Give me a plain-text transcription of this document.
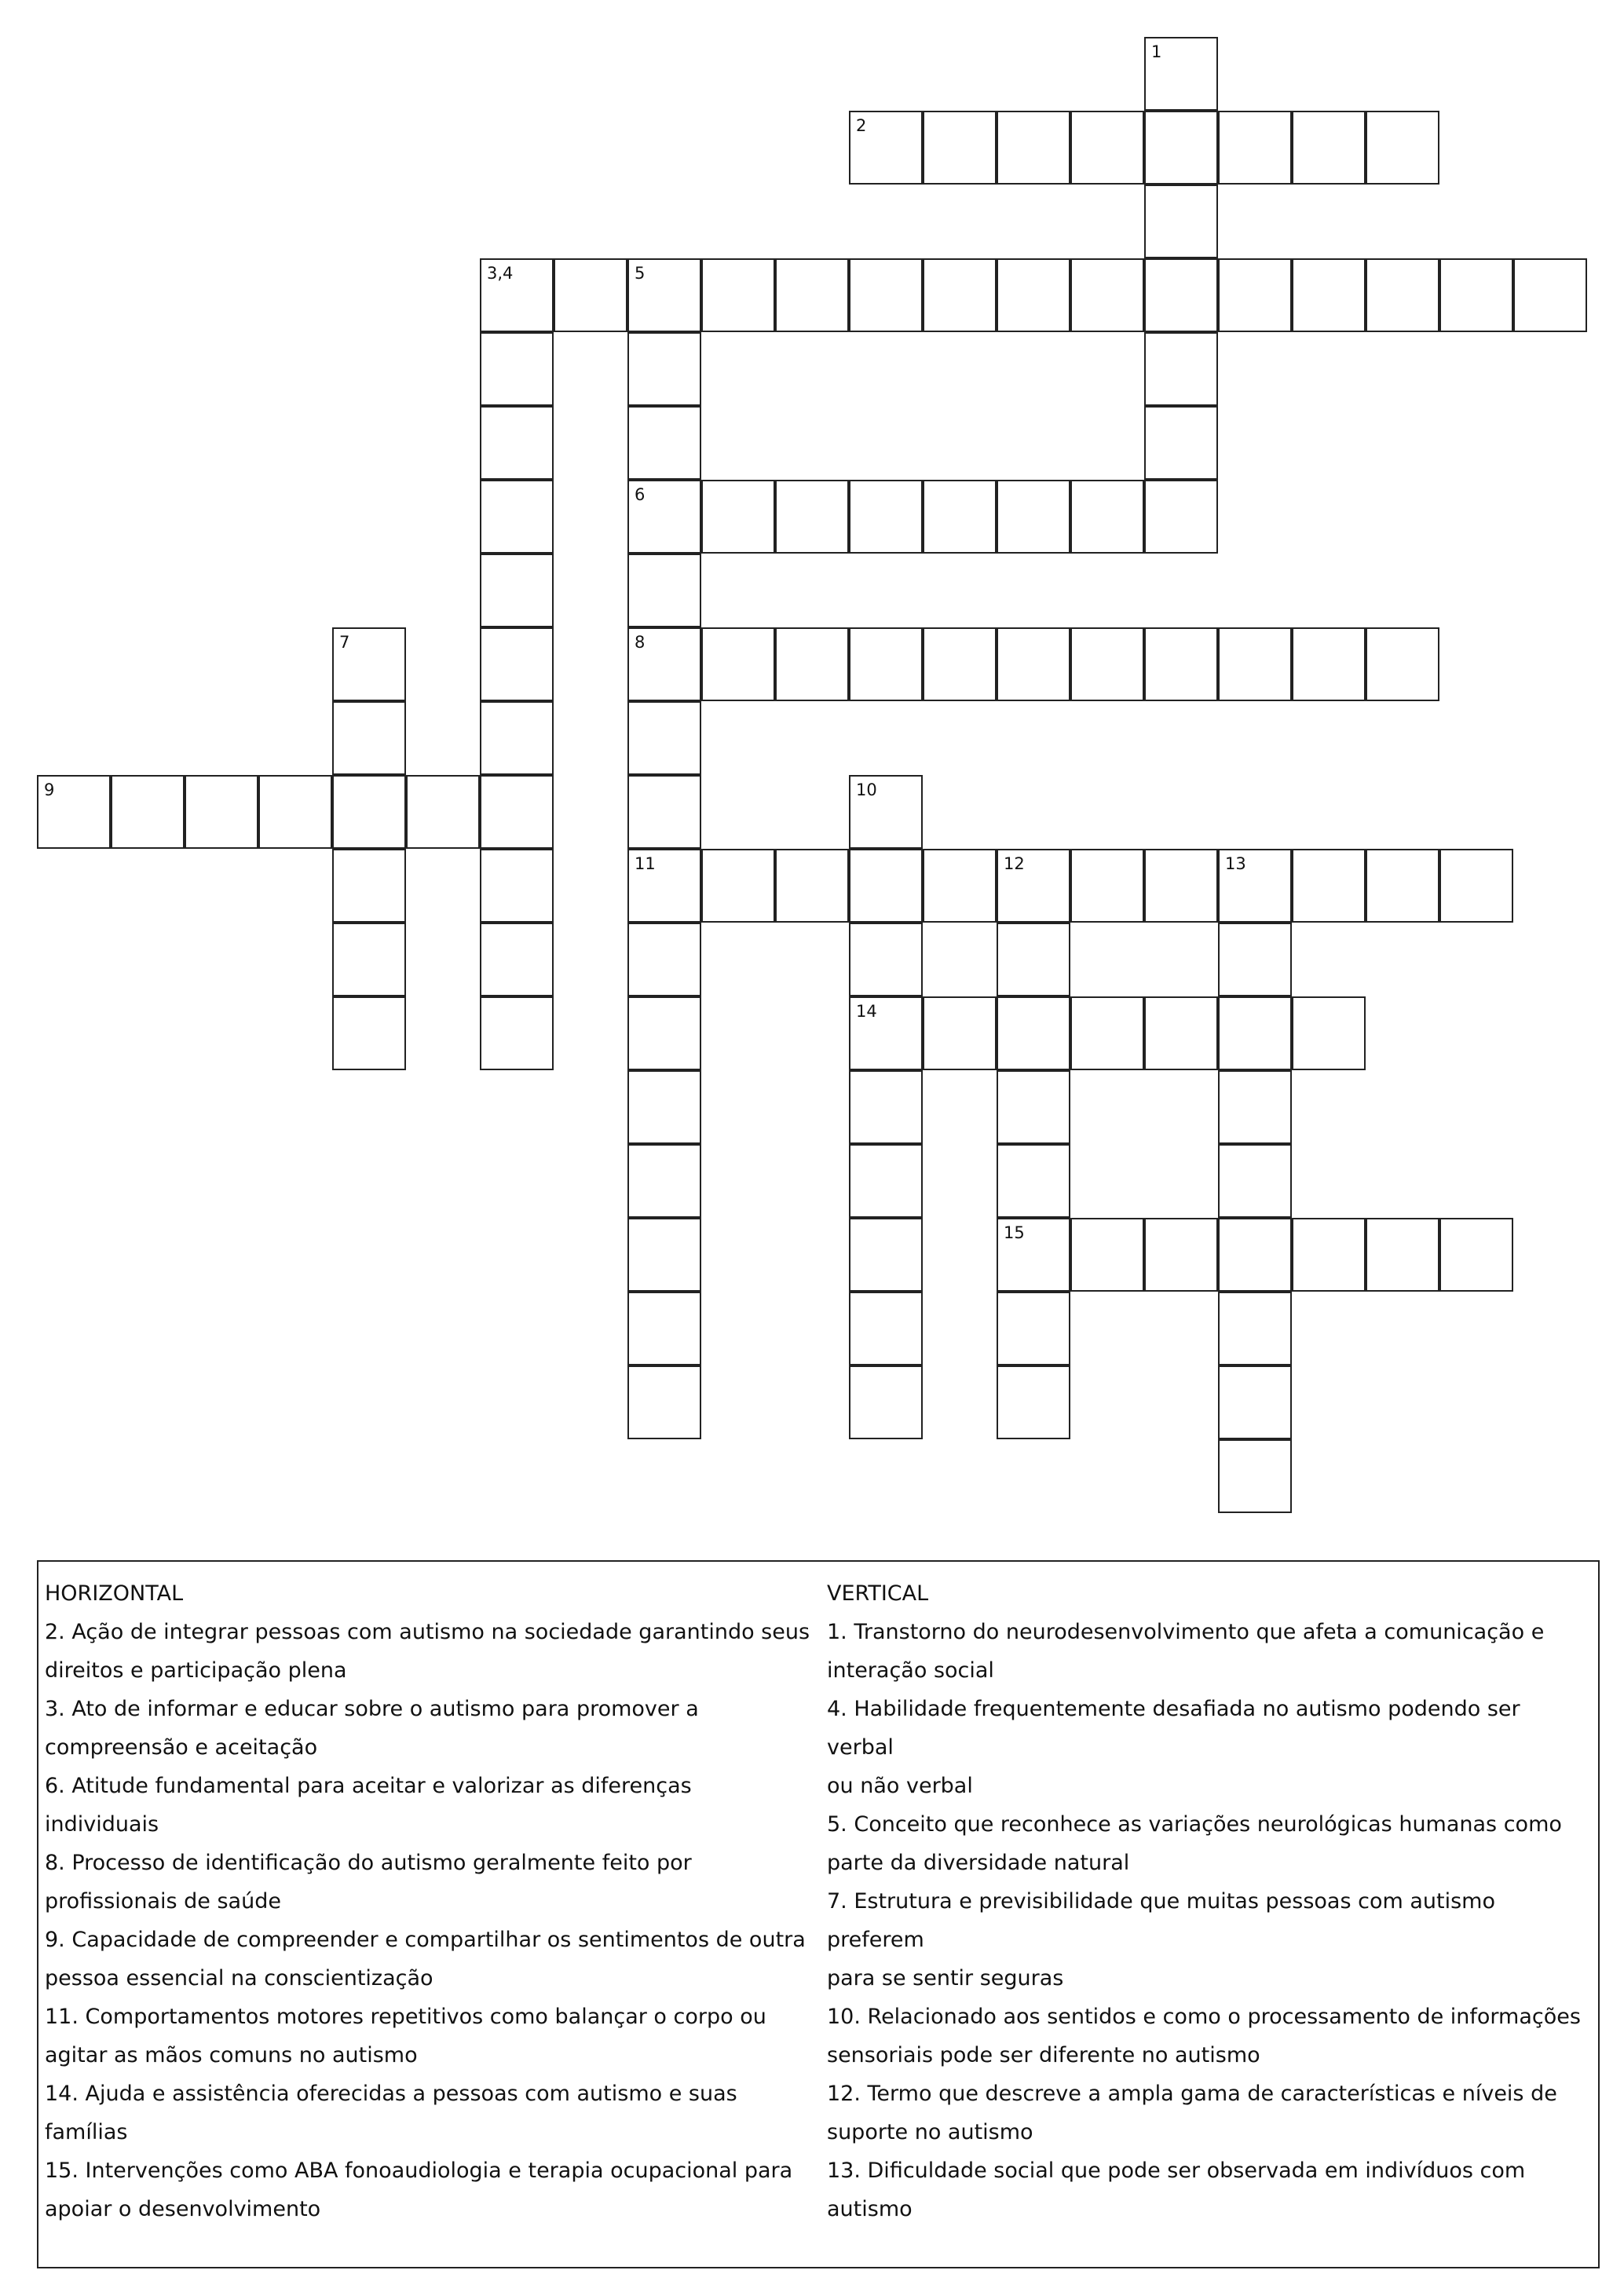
1
2
3,4	5
6
8
11
7
9	10
14
12	13
15
HORIZONTAL
2. Ação de integrar pessoas com autismo na sociedade garantindo seus
direitos e participação plena
3. Ato de informar e educar sobre o autismo para promover a
compreensão e aceitação
6. Atitude fundamental para aceitar e valorizar as diferenças
individuais
8. Processo de identificação do autismo geralmente feito por
profissionais de saúde
9. Capacidade de compreender e compartilhar os sentimentos de outra
pessoa essencial na conscientização
11. Comportamentos motores repetitivos como balançar o corpo ou
agitar as mãos comuns no autismo
14. Ajuda e assistência oferecidas a pessoas com autismo e suas
famílias
15. Intervenções como ABA fonoaudiologia e terapia ocupacional para
apoiar o desenvolvimento
VERTICAL
1. Transtorno do neurodesenvolvimento que afeta a comunicação e
interação social
4. Habilidade frequentemente desafiada no autismo podendo ser verbal
ou não verbal
5. Conceito que reconhece as variações neurológicas humanas como
parte da diversidade natural
7. Estrutura e previsibilidade que muitas pessoas com autismo preferem
para se sentir seguras
10. Relacionado aos sentidos e como o processamento de informações
sensoriais pode ser diferente no autismo
12. Termo que descreve a ampla gama de características e níveis de
suporte no autismo
13. Dificuldade social que pode ser observada em indivíduos com
autismo
